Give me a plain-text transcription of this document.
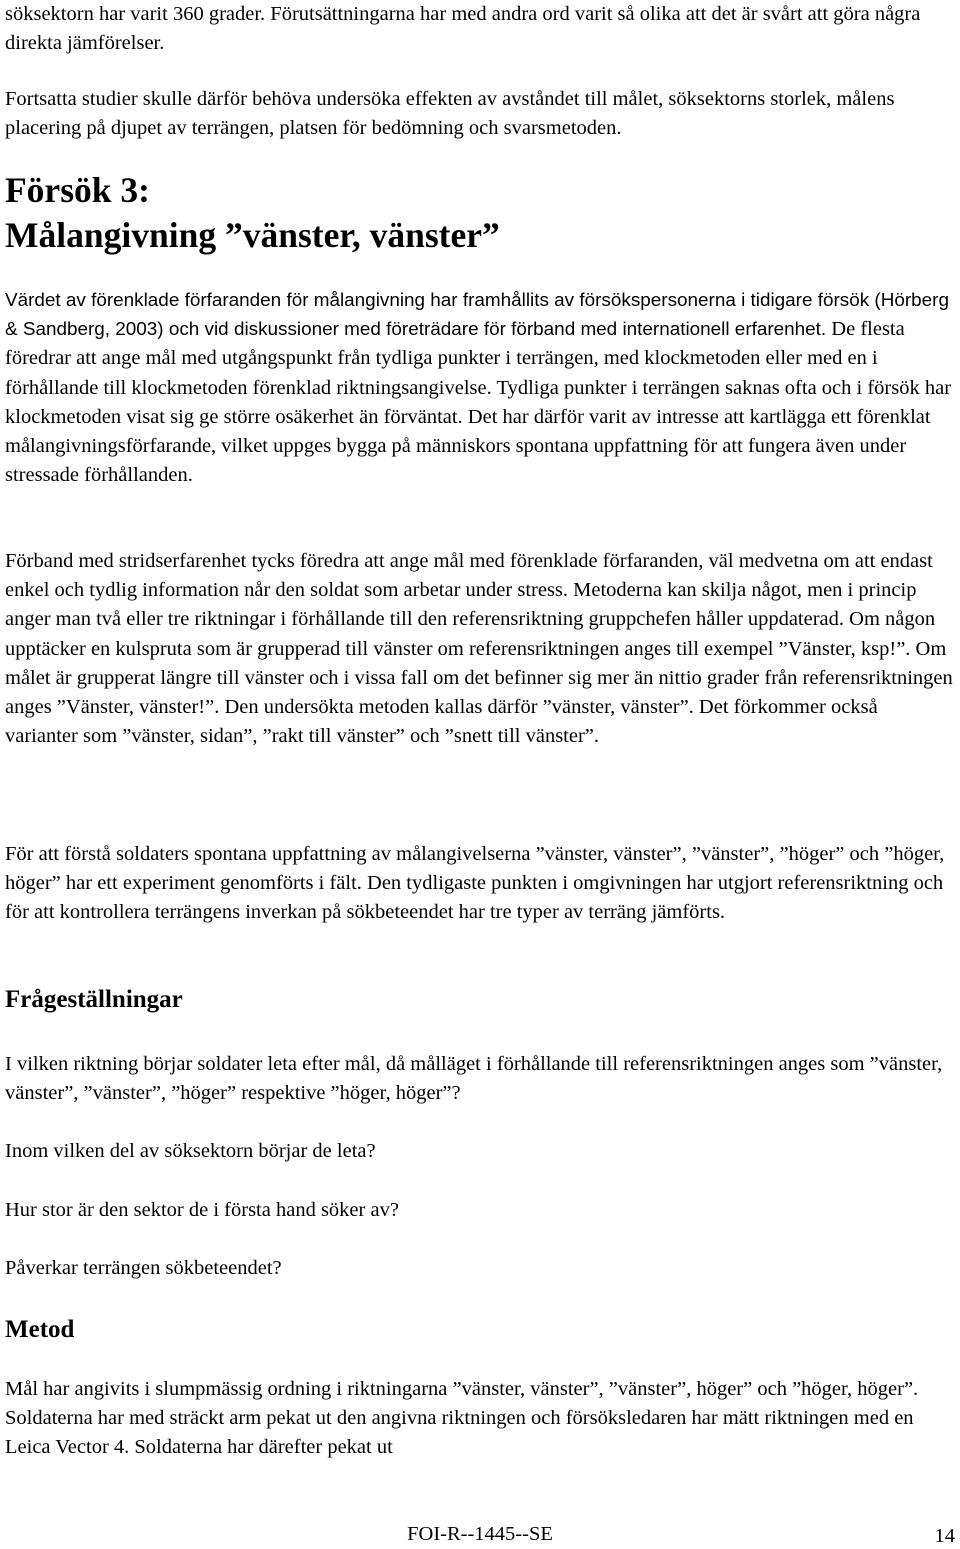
söksektorn har varit 360 grader. Förutsättningarna har med andra ord varit så olika att det är svårt att göra några direkta jämförelser.

Fortsatta studier skulle därför behöva undersöka effekten av avståndet till målet, söksektorns storlek, målens placering på djupet av terrängen, platsen för bedömning och svarsmetoden.

Försök 3:
Målangivning ”vänster, vänster”

Värdet av förenklade förfaranden för målangivning har framhållits av försökspersonerna i tidigare försök (Hörberg & Sandberg, 2003) och vid diskussioner med företrädare för förband med internationell erfarenhet. De flesta föredrar att ange mål med utgångspunkt från tydliga punkter i terrängen, med klockmetoden eller med en i förhållande till klockmetoden förenklad riktningsangivelse. Tydliga punkter i terrängen saknas ofta och i försök har klockmetoden visat sig ge större osäkerhet än förväntat. Det har därför varit av intresse att kartlägga ett förenklat målangivningsförfarande, vilket uppges bygga på människors spontana uppfattning för att fungera även under stressade förhållanden.

Förband med stridserfarenhet tycks föredra att ange mål med förenklade förfaranden, väl medvetna om att endast enkel och tydlig information når den soldat som arbetar under stress. Metoderna kan skilja något, men i princip anger man två eller tre riktningar i förhållande till den referensriktning gruppchefen håller uppdaterad. Om någon upptäcker en kulspruta som är grupperad till vänster om referensriktningen anges till exempel ”Vänster, ksp!”. Om målet är grupperat längre till vänster och i vissa fall om det befinner sig mer än nittio grader från referensriktningen anges ”Vänster, vänster!”. Den undersökta metoden kallas därför ”vänster, vänster”. Det förkommer också varianter som ”vänster, sidan”, ”rakt till vänster” och ”snett till vänster”.

För att förstå soldaters spontana uppfattning av målangivelserna ”vänster, vänster”, ”vänster”, ”höger” och ”höger, höger” har ett experiment genomförts i fält. Den tydligaste punkten i omgivningen har utgjort referensriktning och för att kontrollera terrängens inverkan på sökbeteendet har tre typer av terräng jämförts.

Frågeställningar

I vilken riktning börjar soldater leta efter mål, då målläget i förhållande till referensriktningen anges som ”vänster, vänster”, ”vänster”, ”höger” respektive ”höger, höger”?

Inom vilken del av söksektorn börjar de leta?

Hur stor är den sektor de i första hand söker av?

Påverkar terrängen sökbeteendet?

Metod

Mål har angivits i slumpmässig ordning i riktningarna ”vänster, vänster”, ”vänster”, höger” och ”höger, höger”. Soldaterna har med sträckt arm pekat ut den angivna riktningen och försöksledaren har mätt riktningen med en Leica Vector 4. Soldaterna har därefter pekat ut

FOI-R--1445--SE	14
